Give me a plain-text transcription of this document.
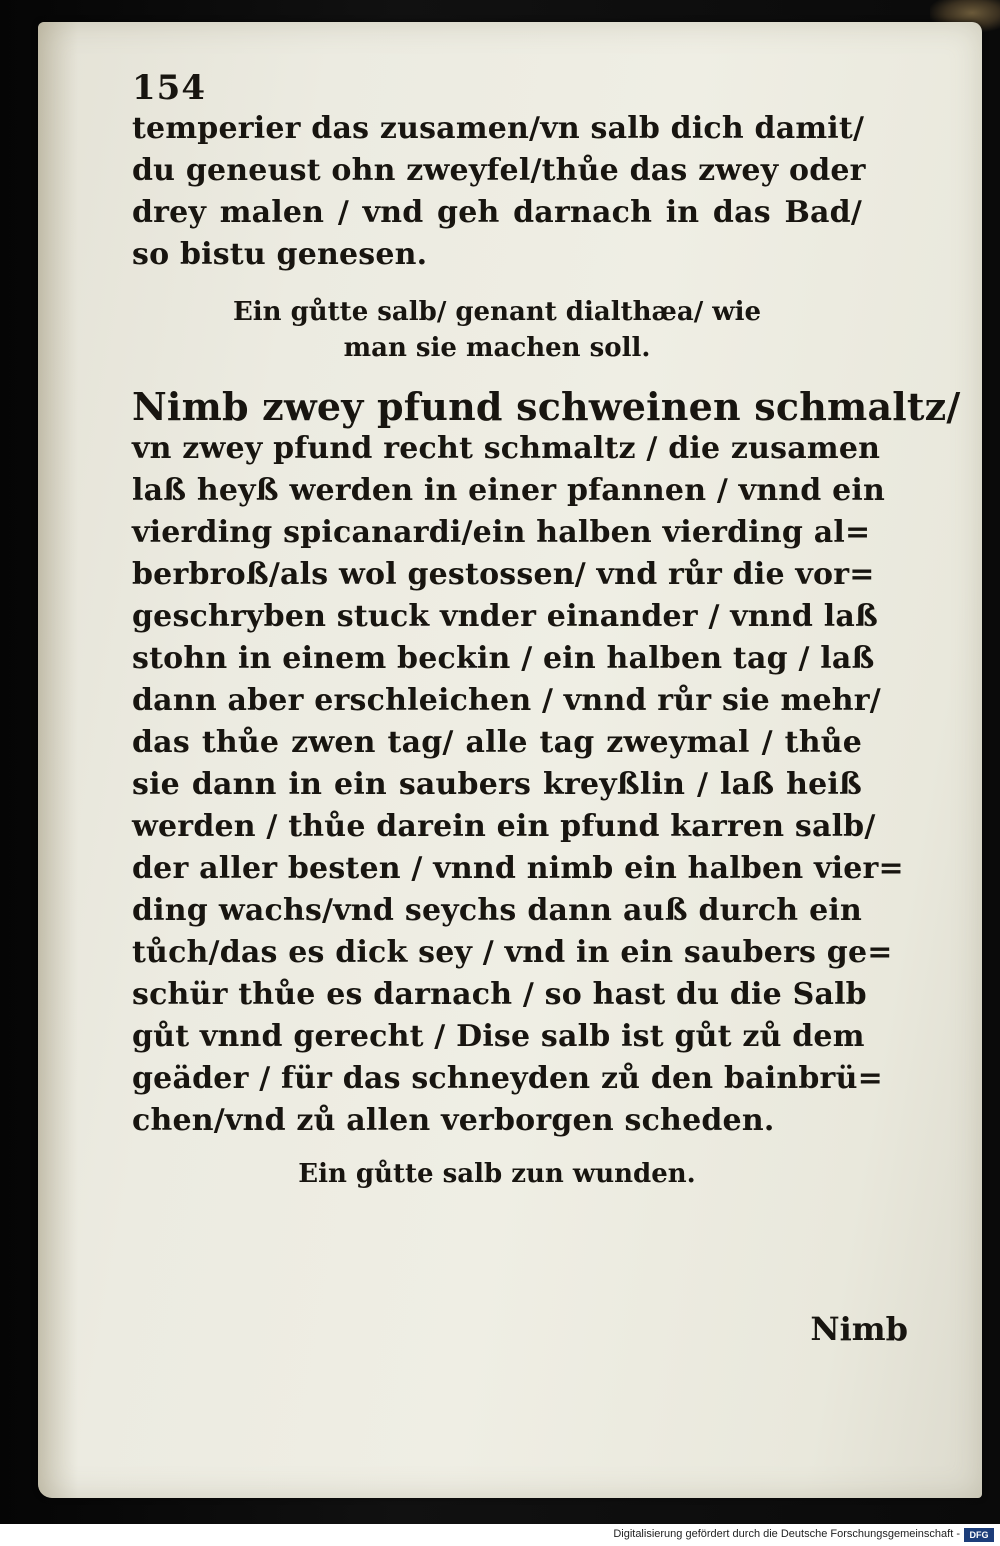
154
temperier das zusamen/vn salb dich damit/
du geneust ohn zweyfel/thůe das zwey oder
drey malen / vnd geh darnach in das Bad/
so bistu genesen.
Ein gůtte salb/ genant dialthæa/ wie
man sie machen soll.
Nimb zwey pfund schweinen schmaltz/
vn zwey pfund recht schmaltz / die zusamen
laß heyß werden in einer pfannen / vnnd ein
vierding spicanardi/ein halben vierding al=
berbroß/als wol gestossen/ vnd růr die vor=
geschryben stuck vnder einander / vnnd laß
stohn in einem beckin / ein halben tag / laß
dann aber erschleichen / vnnd růr sie mehr/
das thůe zwen tag/ alle tag zweymal / thůe
sie dann in ein saubers kreyßlin / laß heiß
werden / thůe darein ein pfund karren salb/
der aller besten / vnnd nimb ein halben vier=
ding wachs/vnd seychs dann auß durch ein
tůch/das es dick sey / vnd in ein saubers ge=
schür thůe es darnach / so hast du die Salb
gůt vnnd gerecht / Dise salb ist gůt zů dem
geäder / für das schneyden zů den bainbrü=
chen/vnd zů allen verborgen scheden.
Ein gůtte salb zun wunden.
Nimb
Digitalisierung gefördert durch die Deutsche Forschungsgemeinschaft -	DFG
